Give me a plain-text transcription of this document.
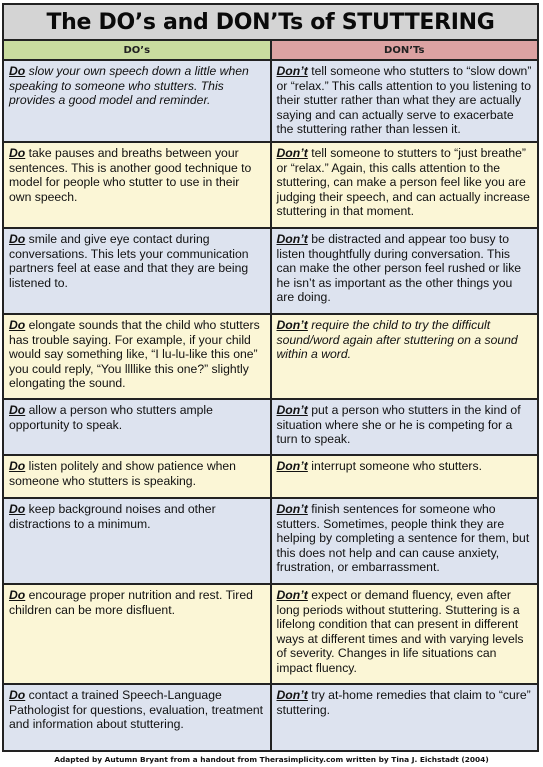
The DO’s and DON’Ts of STUTTERING
DO’s	DON’Ts
Do slow your own speech down a little when speaking to someone who stutters. This provides a good model and reminder.
Don’t tell someone who stutters to “slow down” or “relax.” This calls attention to you listening to their stutter rather than what they are actually saying and can actually serve to exacerbate the stuttering rather than lessen it.
Do take pauses and breaths between your sentences. This is another good technique to model for people who stutter to use in their own speech.
Don’t tell someone to stutters to “just breathe” or “relax.” Again, this calls attention to the stuttering, can make a person feel like you are judging their speech, and can actually increase stuttering in that moment.
Do smile and give eye contact during conversations. This lets your communication partners feel at ease and that they are being listened to.
Don’t be distracted and appear too busy to listen thoughtfully during conversation. This can make the other person feel rushed or like he isn’t as important as the other things you are doing.
Do elongate sounds that the child who stutters has trouble saying. For example, if your child would say something like, “I lu-lu-like this one” you could reply, “You llllike this one?” slightly elongating the sound.
Don’t require the child to try the difficult sound/word again after stuttering on a sound within a word.
Do allow a person who stutters ample opportunity to speak.
Don’t put a person who stutters in the kind of situation where she or he is competing for a turn to speak.
Do listen politely and show patience when someone who stutters is speaking.
Don’t interrupt someone who stutters.
Do keep background noises and other distractions to a minimum.
Don’t finish sentences for someone who stutters. Sometimes, people think they are helping by completing a sentence for them, but this does not help and can cause anxiety, frustration, or embarrassment.
Do encourage proper nutrition and rest. Tired children can be more disfluent.
Don’t expect or demand fluency, even after long periods without stuttering. Stuttering is a lifelong condition that can present in different ways at different times and with varying levels of severity. Changes in life situations can impact fluency.
Do contact a trained Speech-Language Pathologist for questions, evaluation, treatment and information about stuttering.
Don’t try at-home remedies that claim to “cure” stuttering.
Adapted by Autumn Bryant from a handout from Therasimplicity.com written by Tina J. Eichstadt (2004)
